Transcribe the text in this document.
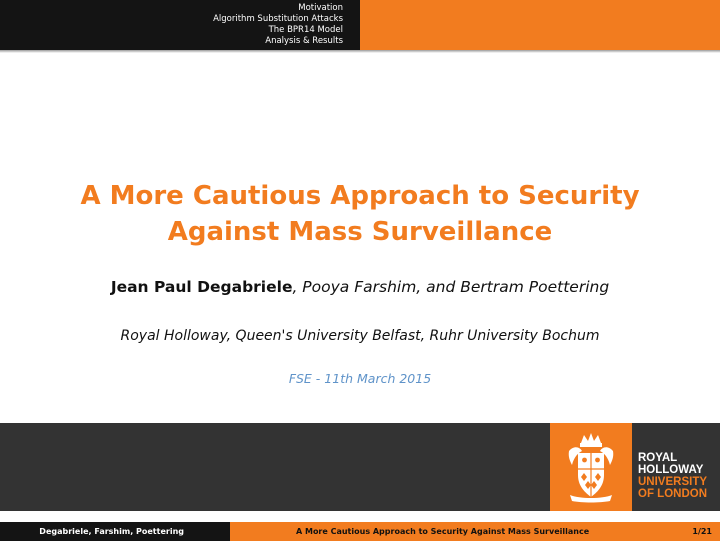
Motivation
Algorithm Substitution Attacks
The BPR14 Model
Analysis & Results
A More Cautious Approach to Security
Against Mass Surveillance
Jean Paul Degabriele, Pooya Farshim, and Bertram Poettering
Royal Holloway, Queen's University Belfast, Ruhr University Bochum
FSE - 11th March 2015
ROYAL
HOLLOWAY
UNIVERSITY
OF LONDON
Degabriele, Farshim, Poettering	A More Cautious Approach to Security Against Mass Surveillance	1/21
